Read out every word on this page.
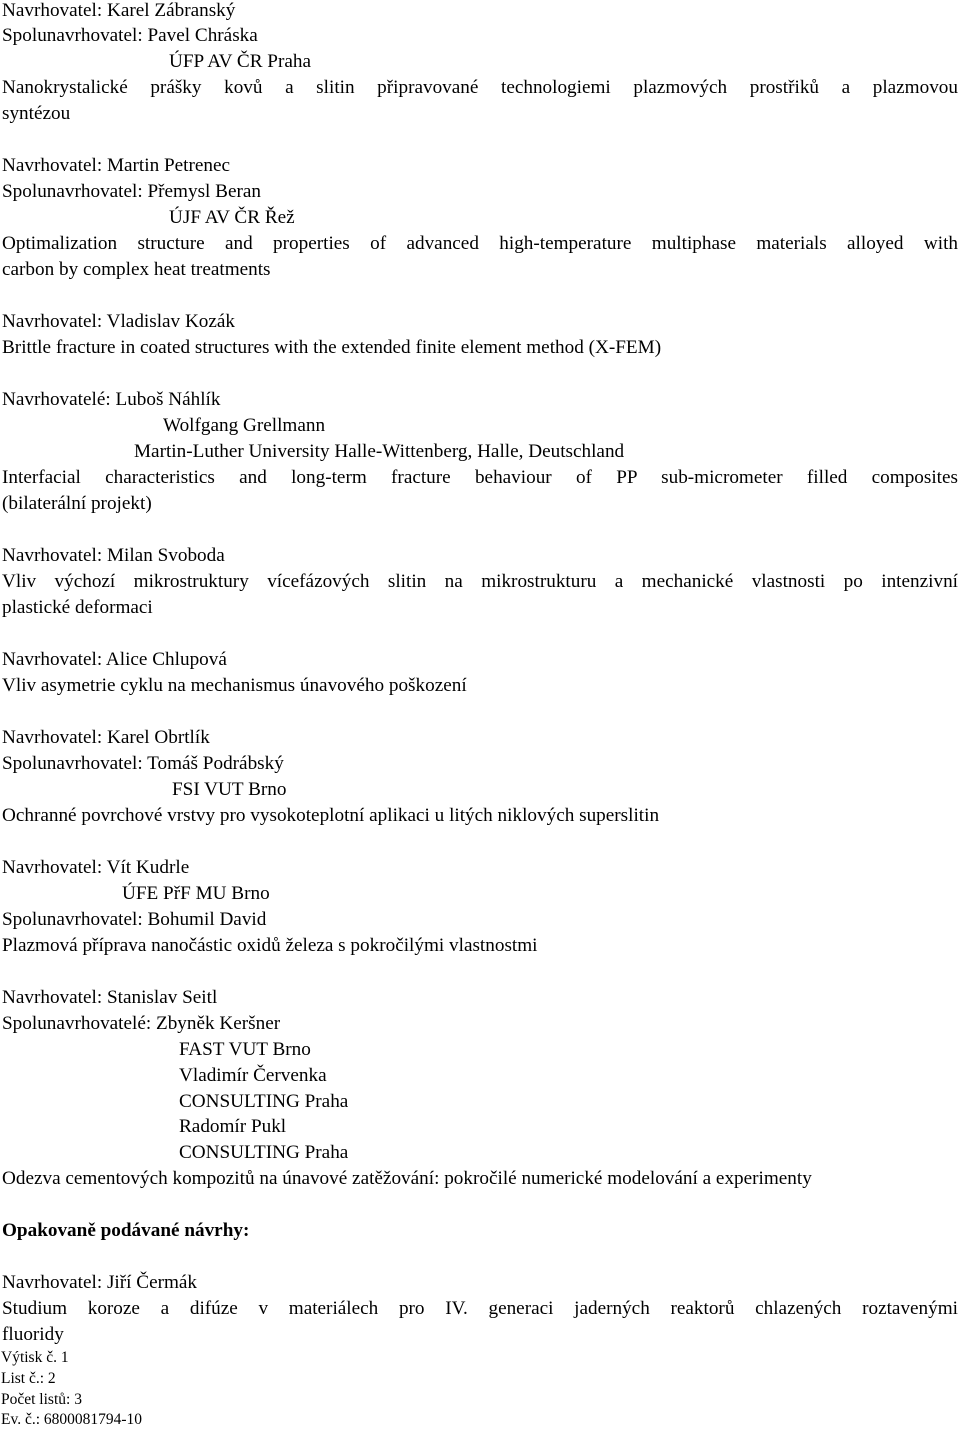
Navrhovatel: Karel Zábranský
Spolunavrhovatel: Pavel Chráska
ÚFP AV ČR Praha
Nanokrystalické prášky kovů a slitin připravované technologiemi plazmových prostřiků a plazmovou
syntézou
Navrhovatel: Martin Petrenec
Spolunavrhovatel: Přemysl Beran
ÚJF AV ČR Řež
Optimalization structure and properties of advanced high-temperature multiphase materials alloyed with
carbon by complex heat treatments
Navrhovatel: Vladislav Kozák
Brittle fracture in coated structures with the extended finite element method (X-FEM)
Navrhovatelé: Luboš Náhlík
Wolfgang Grellmann
Martin-Luther University Halle-Wittenberg, Halle, Deutschland
Interfacial characteristics and long-term fracture behaviour of PP sub-micrometer filled composites
(bilaterální projekt)
Navrhovatel: Milan Svoboda
Vliv výchozí mikrostruktury vícefázových slitin na mikrostrukturu a mechanické vlastnosti po intenzivní
plastické deformaci
Navrhovatel: Alice Chlupová
Vliv asymetrie cyklu na mechanismus únavového poškození
Navrhovatel: Karel Obrtlík
Spolunavrhovatel: Tomáš Podrábský
FSI VUT Brno
Ochranné povrchové vrstvy pro vysokoteplotní aplikaci u litých niklových superslitin
Navrhovatel: Vít Kudrle
ÚFE PřF MU Brno
Spolunavrhovatel: Bohumil David
Plazmová příprava nanočástic oxidů železa s pokročilými vlastnostmi
Navrhovatel: Stanislav Seitl
Spolunavrhovatelé: Zbyněk Keršner
FAST VUT Brno
Vladimír Červenka
CONSULTING Praha
Radomír Pukl
CONSULTING Praha
Odezva cementových kompozitů na únavové zatěžování: pokročilé numerické modelování a experimenty
Opakovaně podávané návrhy:
Navrhovatel: Jiří Čermák
Studium koroze a difúze v materiálech pro IV. generaci jaderných reaktorů chlazených roztavenými
fluoridy
Výtisk č. 1
List č.: 2
Počet listů: 3
Ev. č.: 6800081794-10
